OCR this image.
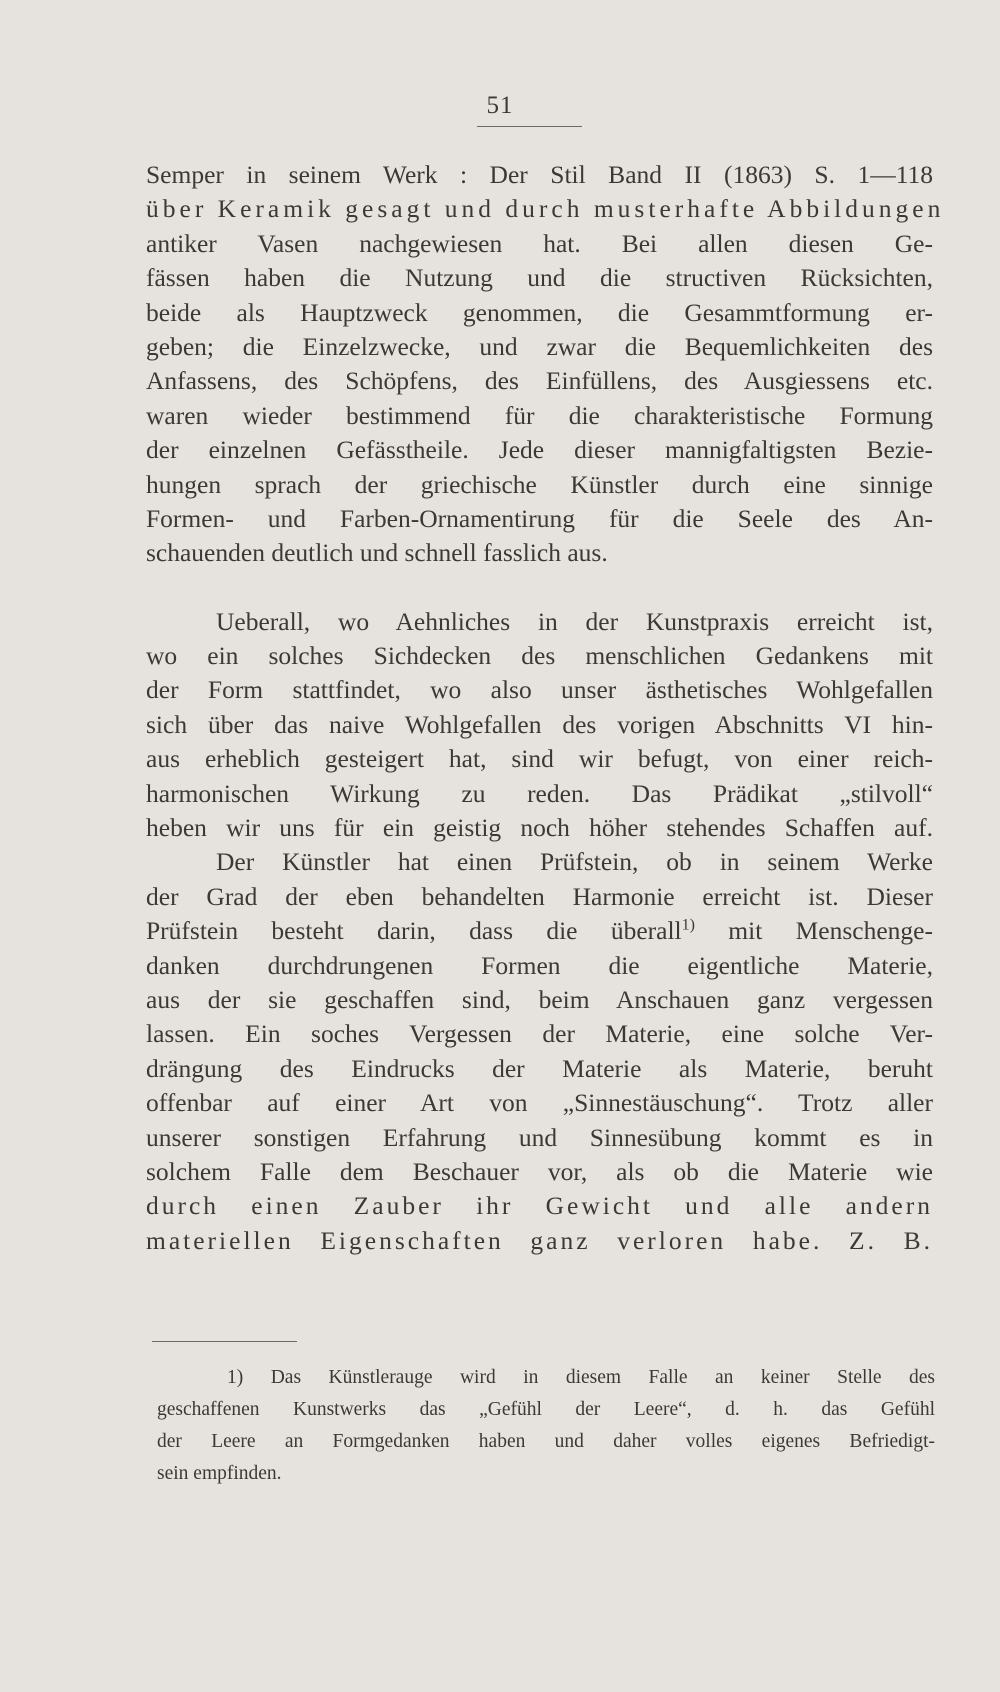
51
Semper in seinem Werk : Der Stil Band II (1863) S. 1—118
über Keramik gesagt und durch musterhafte Abbildungen
antiker Vasen nachgewiesen hat. Bei allen diesen Ge-
fässen haben die Nutzung und die structiven Rücksichten,
beide als Hauptzweck genommen, die Gesammtformung er-
geben; die Einzelzwecke, und zwar die Bequemlichkeiten des
Anfassens, des Schöpfens, des Einfüllens, des Ausgiessens etc.
waren wieder bestimmend für die charakteristische Formung
der einzelnen Gefässtheile. Jede dieser mannigfaltigsten Bezie-
hungen sprach der griechische Künstler durch eine sinnige
Formen- und Farben-Ornamentirung für die Seele des An-
schauenden deutlich und schnell fasslich aus.
Ueberall, wo Aehnliches in der Kunstpraxis erreicht ist,
wo ein solches Sichdecken des menschlichen Gedankens mit
der Form stattfindet, wo also unser ästhetisches Wohlgefallen
sich über das naive Wohlgefallen des vorigen Abschnitts VI hin-
aus erheblich gesteigert hat, sind wir befugt, von einer reich-
harmonischen Wirkung zu reden. Das Prädikat „stilvoll“
heben wir uns für ein geistig noch höher stehendes Schaffen auf.
Der Künstler hat einen Prüfstein, ob in seinem Werke
der Grad der eben behandelten Harmonie erreicht ist. Dieser
Prüfstein besteht darin, dass die überall$^{1)}$ mit Menschenge-
danken durchdrungenen Formen die eigentliche Materie,
aus der sie geschaffen sind, beim Anschauen ganz vergessen
lassen. Ein soches Vergessen der Materie, eine solche Ver-
drängung des Eindrucks der Materie als Materie, beruht
offenbar auf einer Art von „Sinnestäuschung“. Trotz aller
unserer sonstigen Erfahrung und Sinnesübung kommt es in
solchem Falle dem Beschauer vor, als ob die Materie wie
durch einen Zauber ihr Gewicht und alle andern
materiellen Eigenschaften ganz verloren habe. Z. B.
1) Das Künstlerauge wird in diesem Falle an keiner Stelle des
geschaffenen Kunstwerks das „Gefühl der Leere“, d. h. das Gefühl
der Leere an Formgedanken haben und daher volles eigenes Befriedigt-
sein empfinden.
